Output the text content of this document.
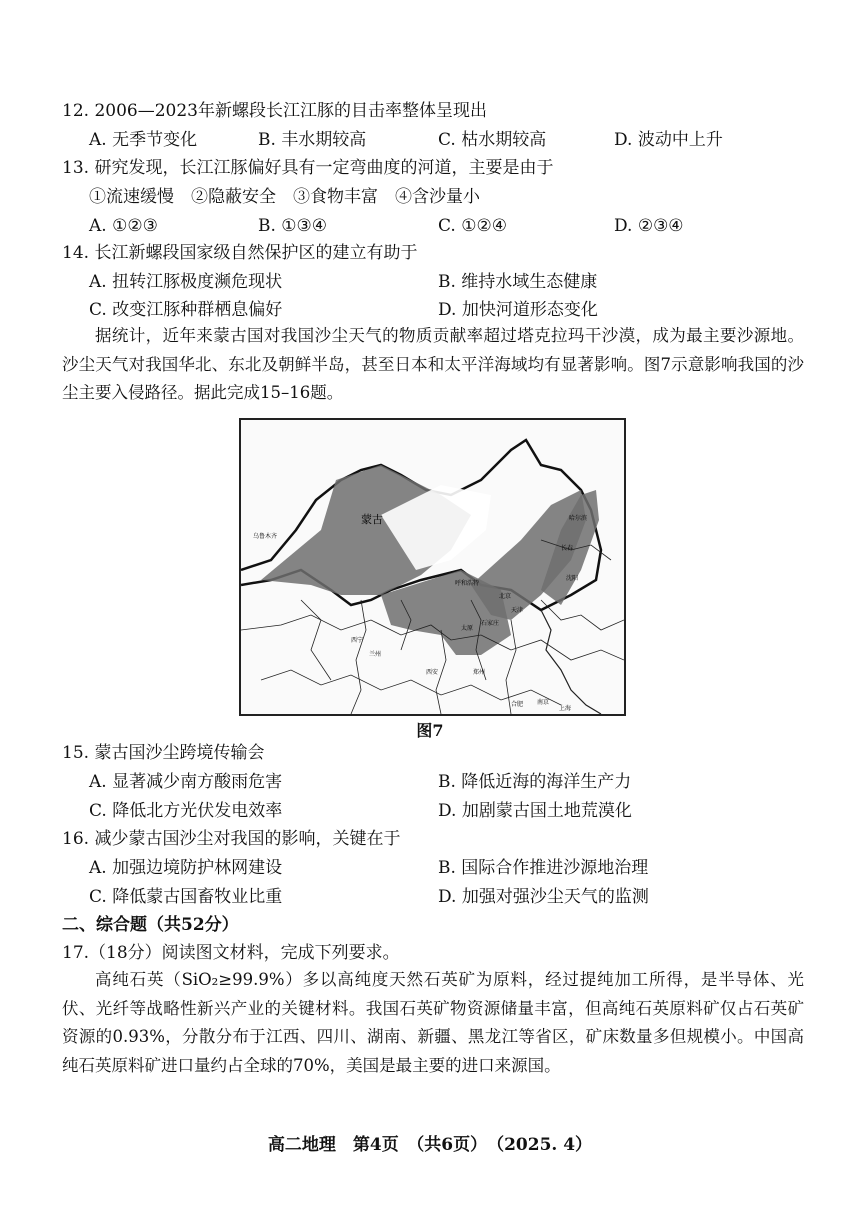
12. 2006—2023年新螺段长江江豚的目击率整体呈现出
A. 无季节变化	B. 丰水期较高	C. 枯水期较高	D. 波动中上升
13. 研究发现，长江江豚偏好具有一定弯曲度的河道，主要是由于
①流速缓慢　②隐蔽安全　③食物丰富　④含沙量小
A. ①②③	B. ①③④	C. ①②④	D. ②③④
14. 长江新螺段国家级自然保护区的建立有助于
A. 扭转江豚极度濒危现状	B. 维持水域生态健康
C. 改变江豚种群栖息偏好	D. 加快河道形态变化
据统计，近年来蒙古国对我国沙尘天气的物质贡献率超过塔克拉玛干沙漠，成为最主要沙源地。沙尘天气对我国华北、东北及朝鲜半岛，甚至日本和太平洋海域均有显著影响。图7示意影响我国的沙尘主要入侵路径。据此完成15–16题。
蒙古
乌鲁木齐
哈尔滨
长春
沈阳
呼和浩特
北京
天津
太原
石家庄
西宁
兰州
西安	郑州
合肥 南京
上海
图7
15. 蒙古国沙尘跨境传输会
A. 显著减少南方酸雨危害	B. 降低近海的海洋生产力
C. 降低北方光伏发电效率	D. 加剧蒙古国土地荒漠化
16. 减少蒙古国沙尘对我国的影响，关键在于
A. 加强边境防护林网建设	B. 国际合作推进沙源地治理
C. 降低蒙古国畜牧业比重	D. 加强对强沙尘天气的监测
二、综合题（共52分）
17.（18分）阅读图文材料，完成下列要求。
高纯石英（SiO₂≥99.9%）多以高纯度天然石英矿为原料，经过提纯加工所得，是半导体、光伏、光纤等战略性新兴产业的关键材料。我国石英矿物资源储量丰富，但高纯石英原料矿仅占石英矿资源的0.93%，分散分布于江西、四川、湖南、新疆、黑龙江等省区，矿床数量多但规模小。中国高纯石英原料矿进口量约占全球的70%，美国是最主要的进口来源国。
高二地理　第4页　（共6页）　（2025. 4）
